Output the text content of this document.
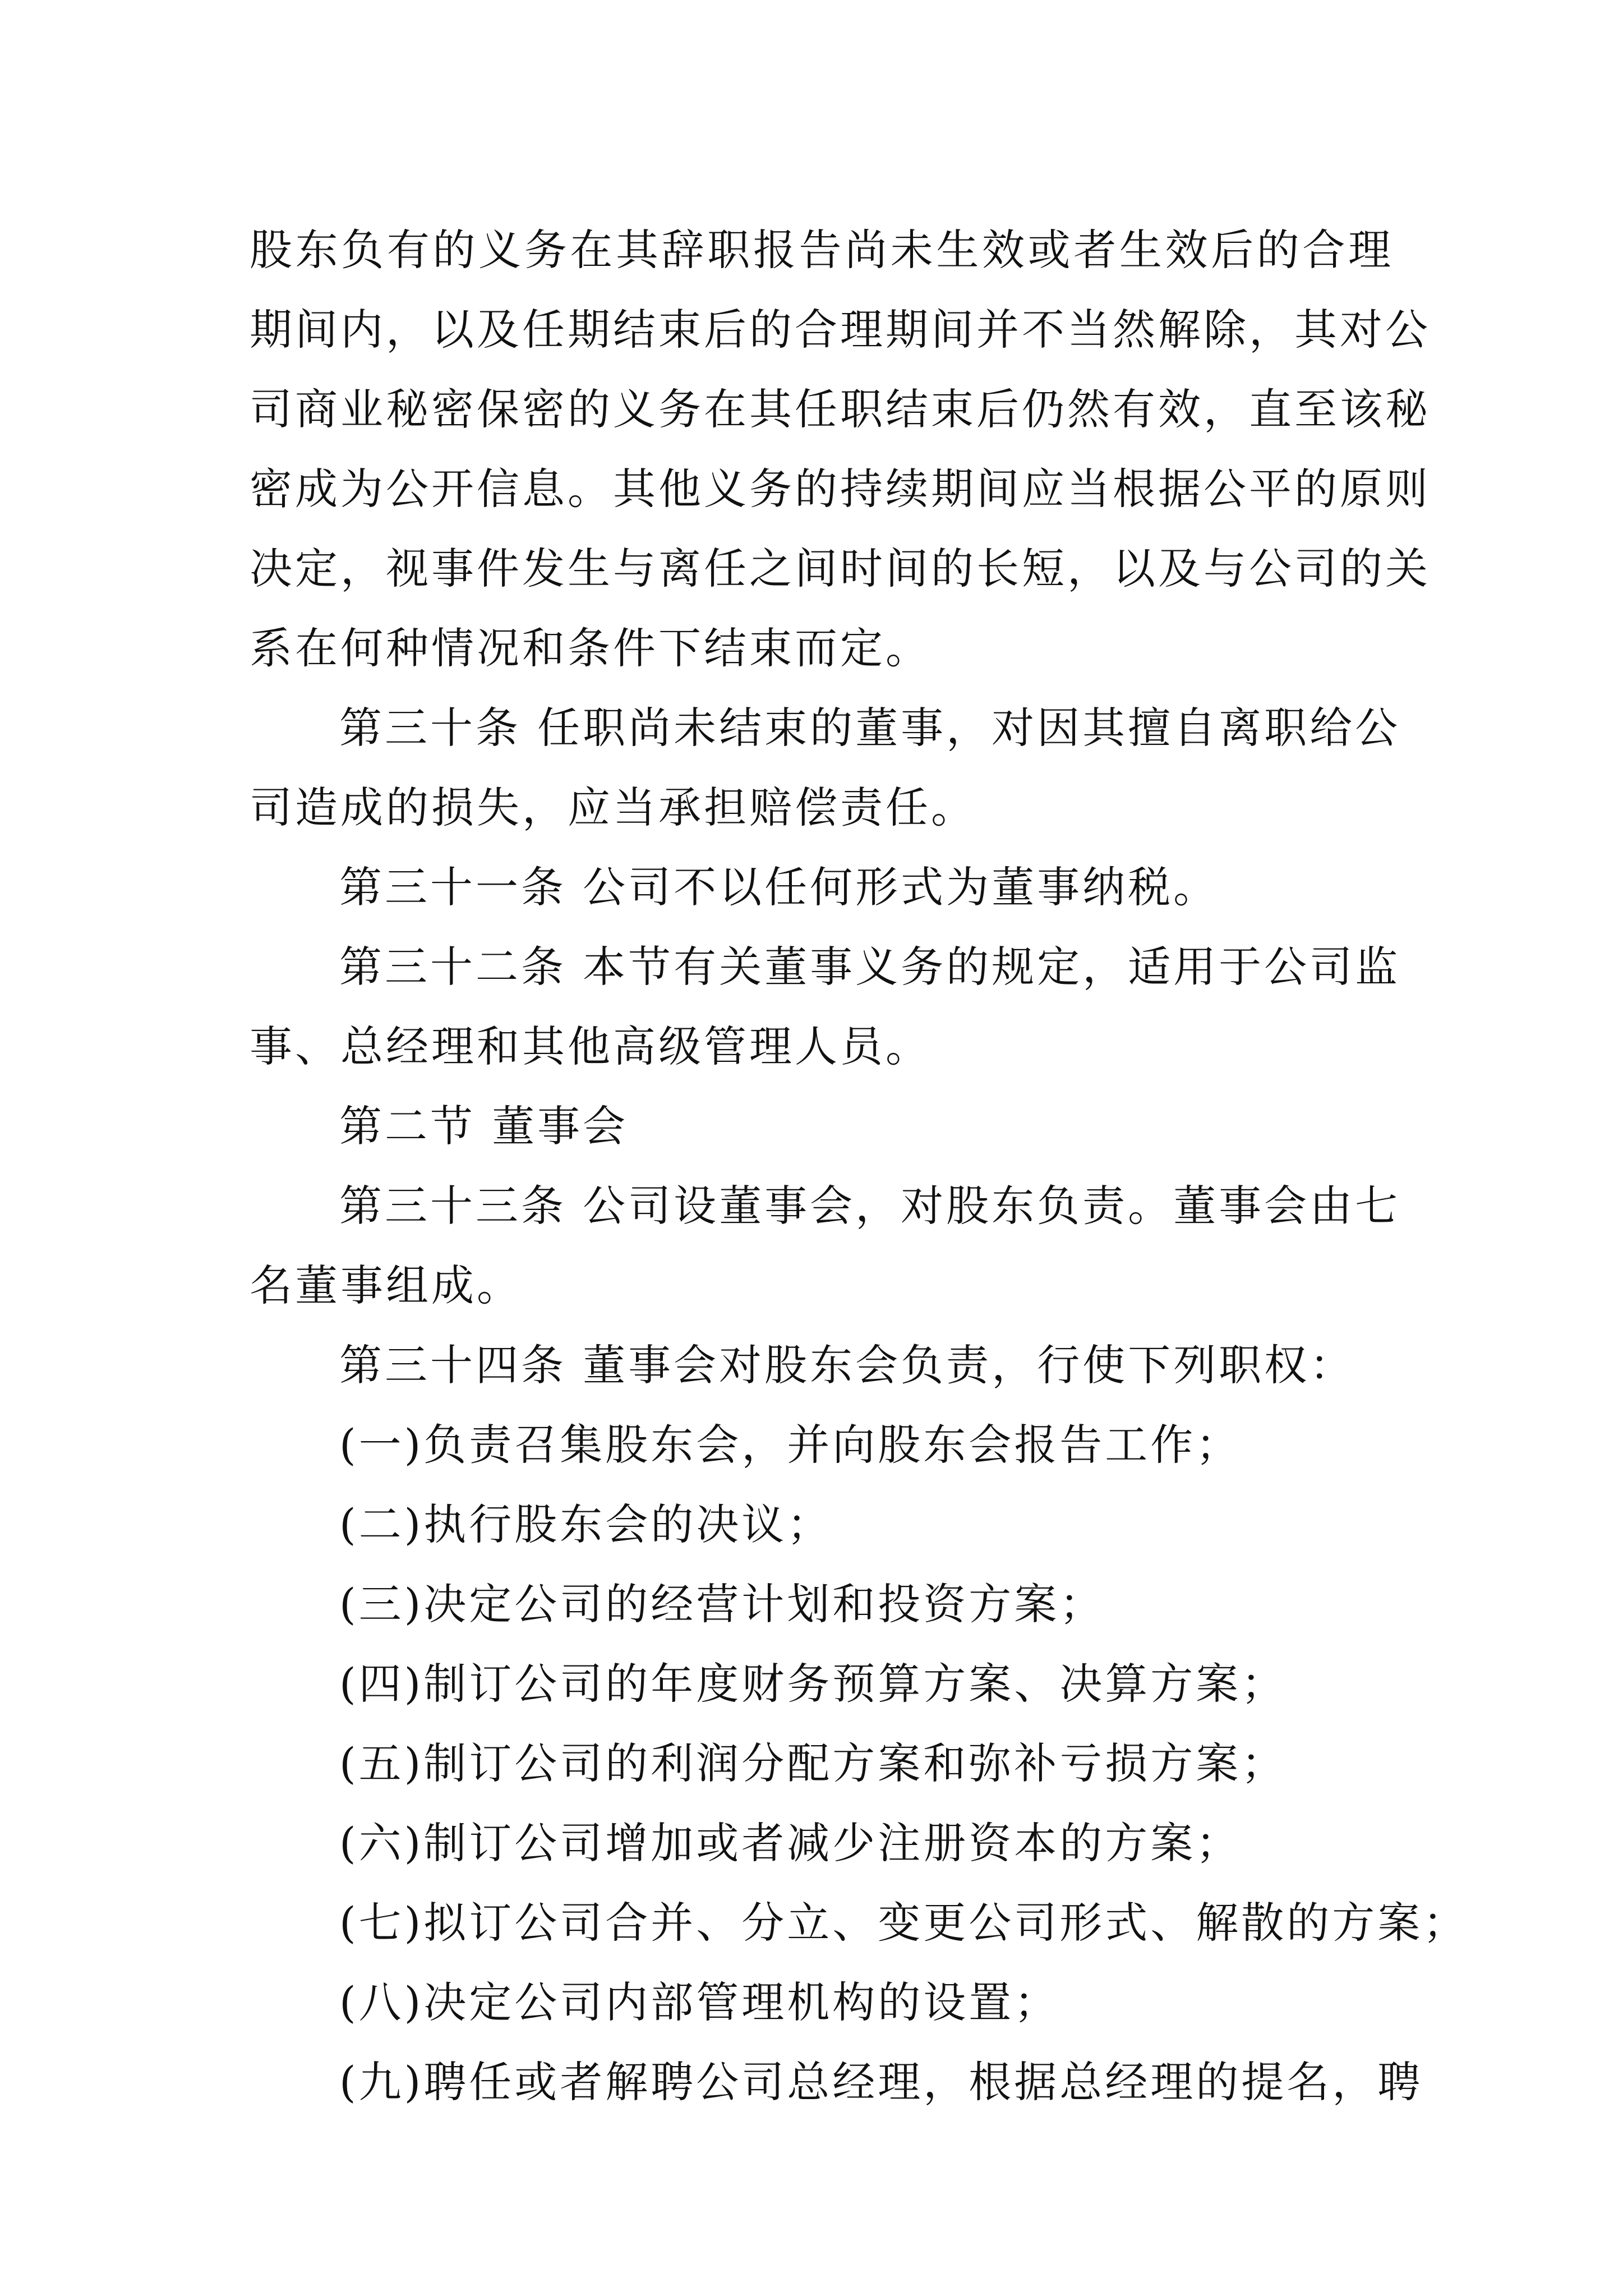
股东负有的义务在其辞职报告尚未生效或者生效后的合理
期间内，以及任期结束后的合理期间并不当然解除，其对公
司商业秘密保密的义务在其任职结束后仍然有效，直至该秘
密成为公开信息。其他义务的持续期间应当根据公平的原则
决定，视事件发生与离任之间时间的长短，以及与公司的关
系在何种情况和条件下结束而定。
第三十条 任职尚未结束的董事，对因其擅自离职给公
司造成的损失，应当承担赔偿责任。
第三十一条 公司不以任何形式为董事纳税。
第三十二条 本节有关董事义务的规定，适用于公司监
事、总经理和其他高级管理人员。
第二节 董事会
第三十三条 公司设董事会，对股东负责。董事会由七
名董事组成。
第三十四条 董事会对股东会负责，行使下列职权：
(一)负责召集股东会，并向股东会报告工作；
(二)执行股东会的决议；
(三)决定公司的经营计划和投资方案；
(四)制订公司的年度财务预算方案、决算方案；
(五)制订公司的利润分配方案和弥补亏损方案；
(六)制订公司增加或者减少注册资本的方案；
(七)拟订公司合并、分立、变更公司形式、解散的方案；
(八)决定公司内部管理机构的设置；
(九)聘任或者解聘公司总经理，根据总经理的提名，聘
